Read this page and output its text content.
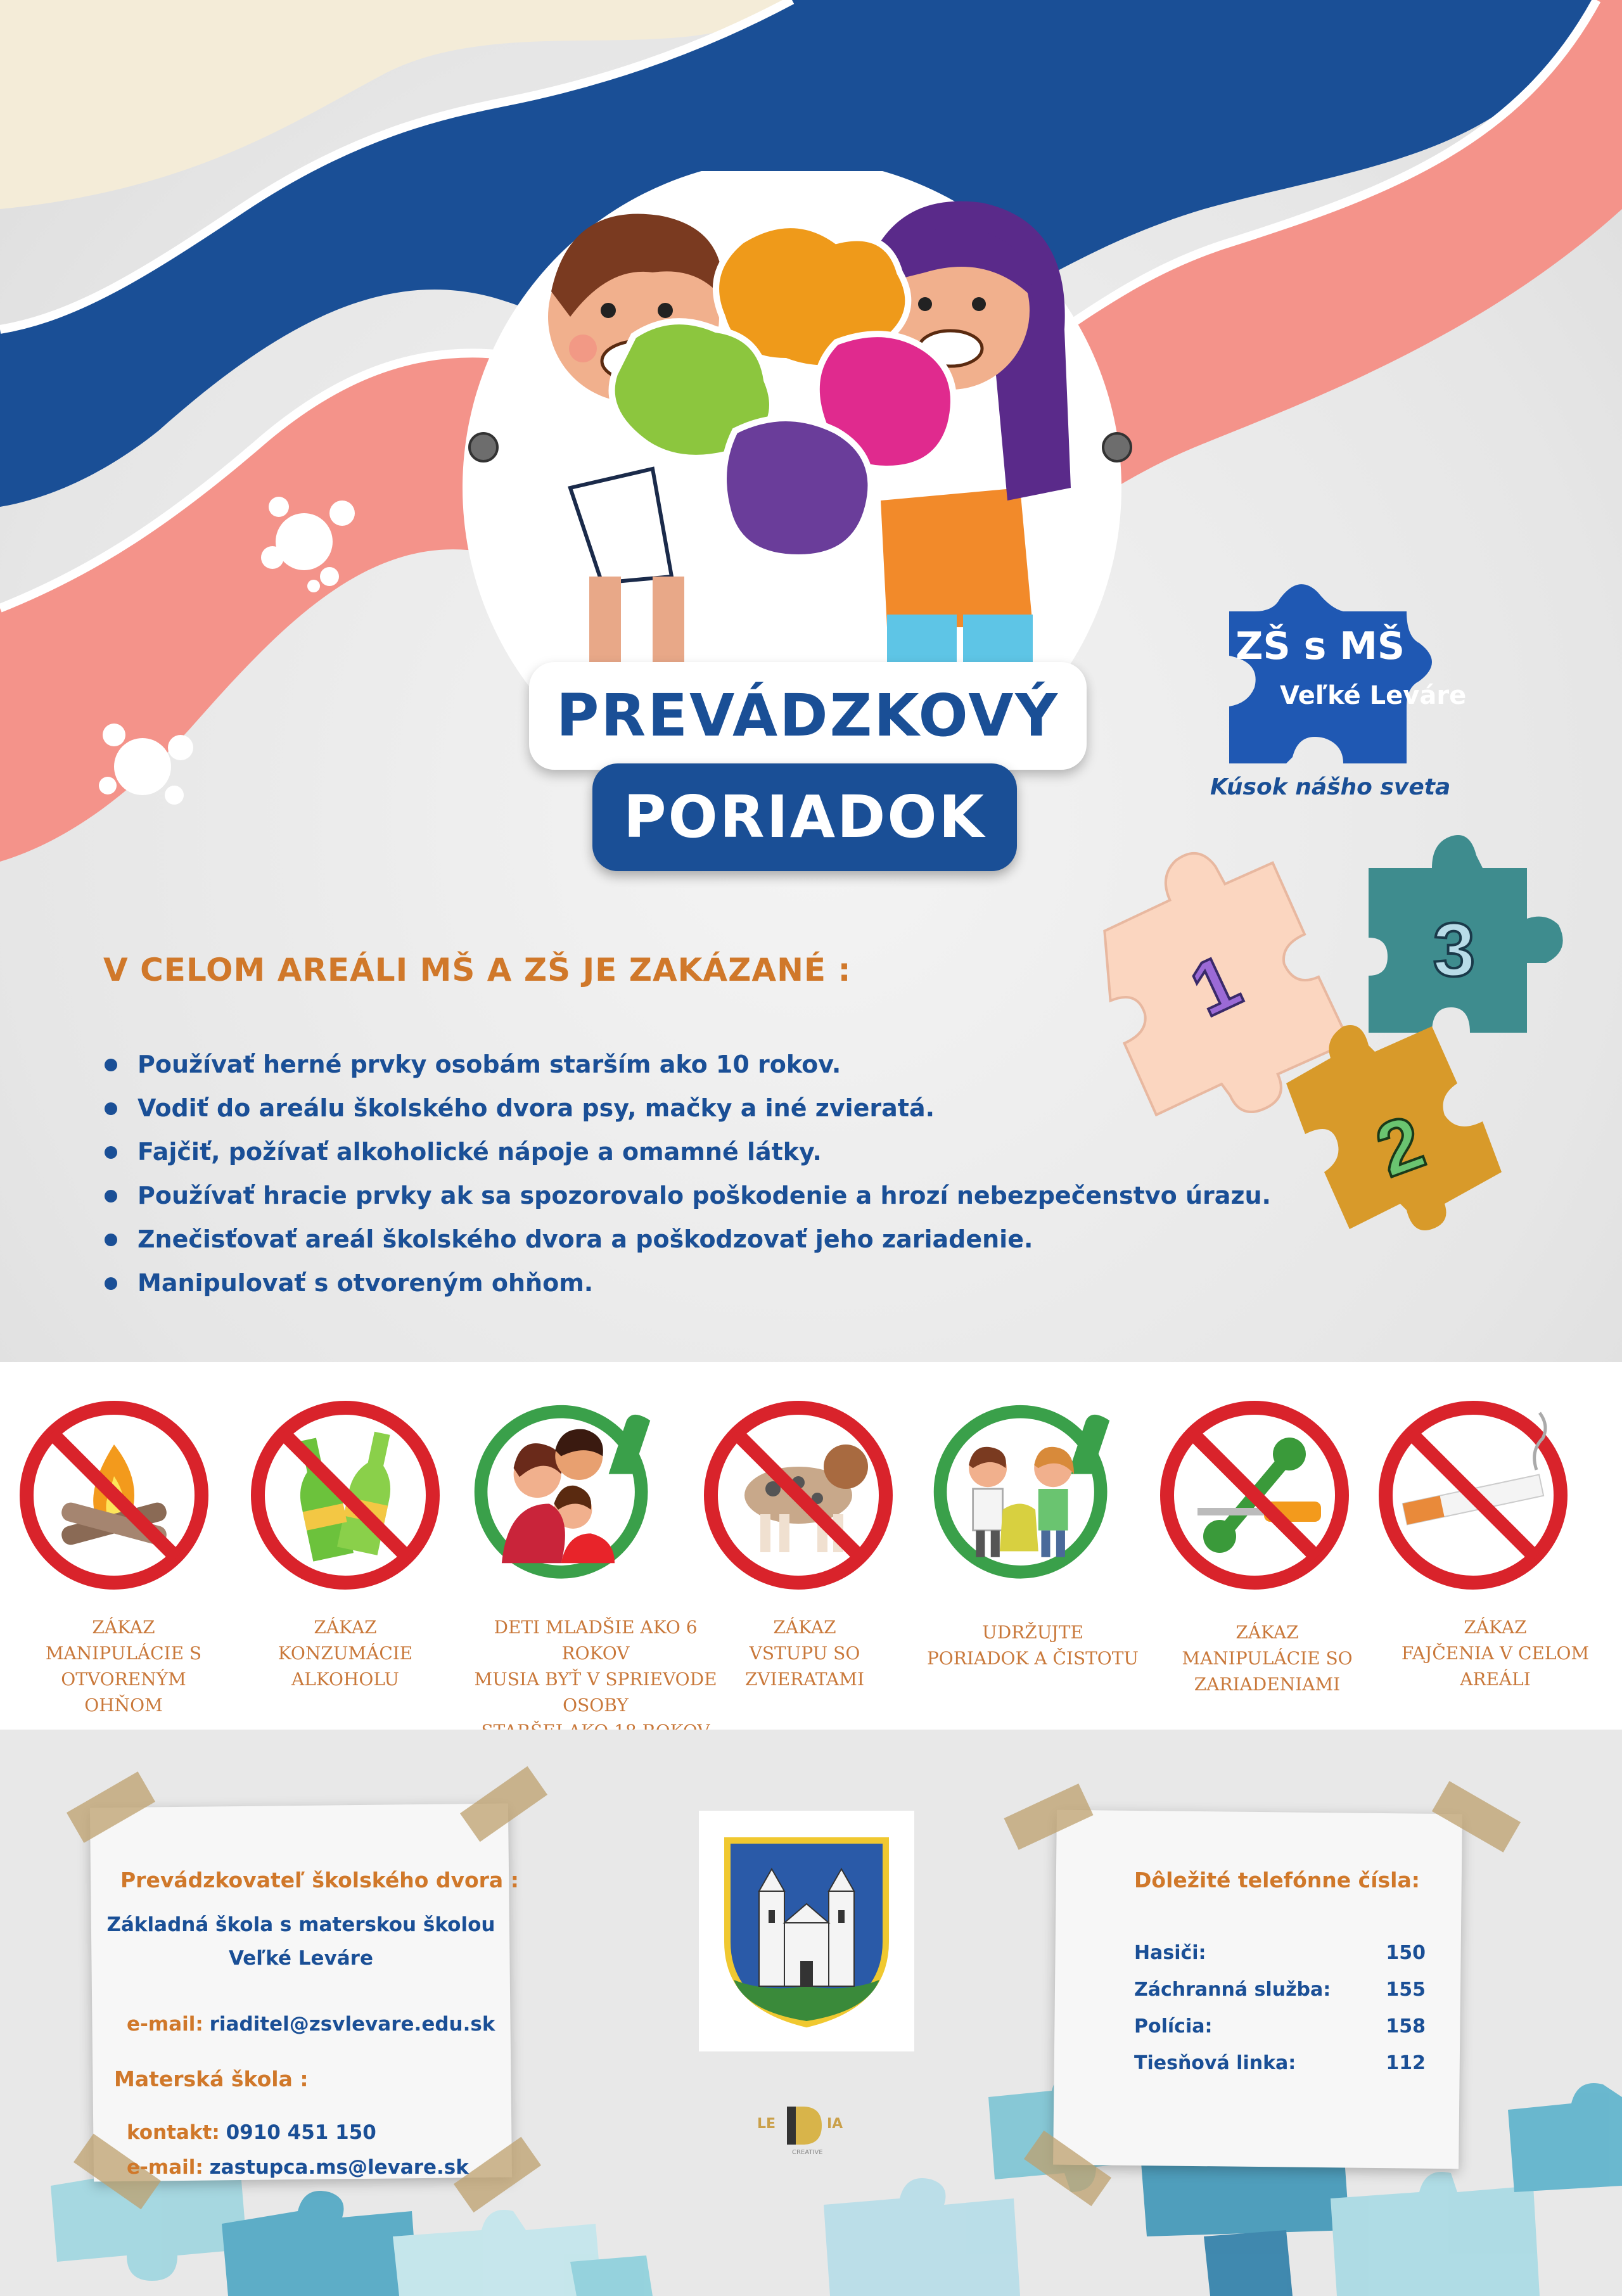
PREVÁDZKOVÝ
PORIADOK
ZŠ s MŠ
Veľké Leváre
Kúsok nášho sveta
1 3
2
V CELOM AREÁLI MŠ A ZŠ JE ZAKÁZANÉ :
Používať herné prvky osobám starším ako 10 rokov.
Vodiť do areálu školského dvora psy, mačky a iné zvieratá.
Fajčiť, požívať alkoholické nápoje a omamné látky.
Používať hracie prvky ak sa spozorovalo poškodenie a hrozí nebezpečenstvo úrazu.
Znečisťovať areál školského dvora a poškodzovať jeho zariadenie.
Manipulovať s otvoreným ohňom.
ZÁKAZ
MANIPULÁCIE S OTVORENÝM
OHŇOM
ZÁKAZ
KONZUMÁCIE ALKOHOLU
DETI MLADŠIE AKO 6 ROKOV
MUSIA BYŤ V SPRIEVODE OSOBY
ZÁKAZ
VSTUPU SO ZVIERATAMI
UDRŽUJTE
PORIADOK A ČISTOTU
ZÁKAZ
MANIPULÁCIE SO ZARIADENIAMI
ZÁKAZ
FAJČENIA V CELOM AREÁLI
Prevádzkovateľ školského dvora :
Základná škola s materskou školou
Veľké Leváre
e-mail: riaditel@zsvlevare.edu.sk
Materská škola :
kontakt: 0910 451 150
e-mail: zastupca.ms@levare.sk
LE	IA
CREATIVE
Dôležité telefónne čísla:
Hasiči:	150
Záchranná služba:	155
Polícia:	158
Tiesňová linka:	112
